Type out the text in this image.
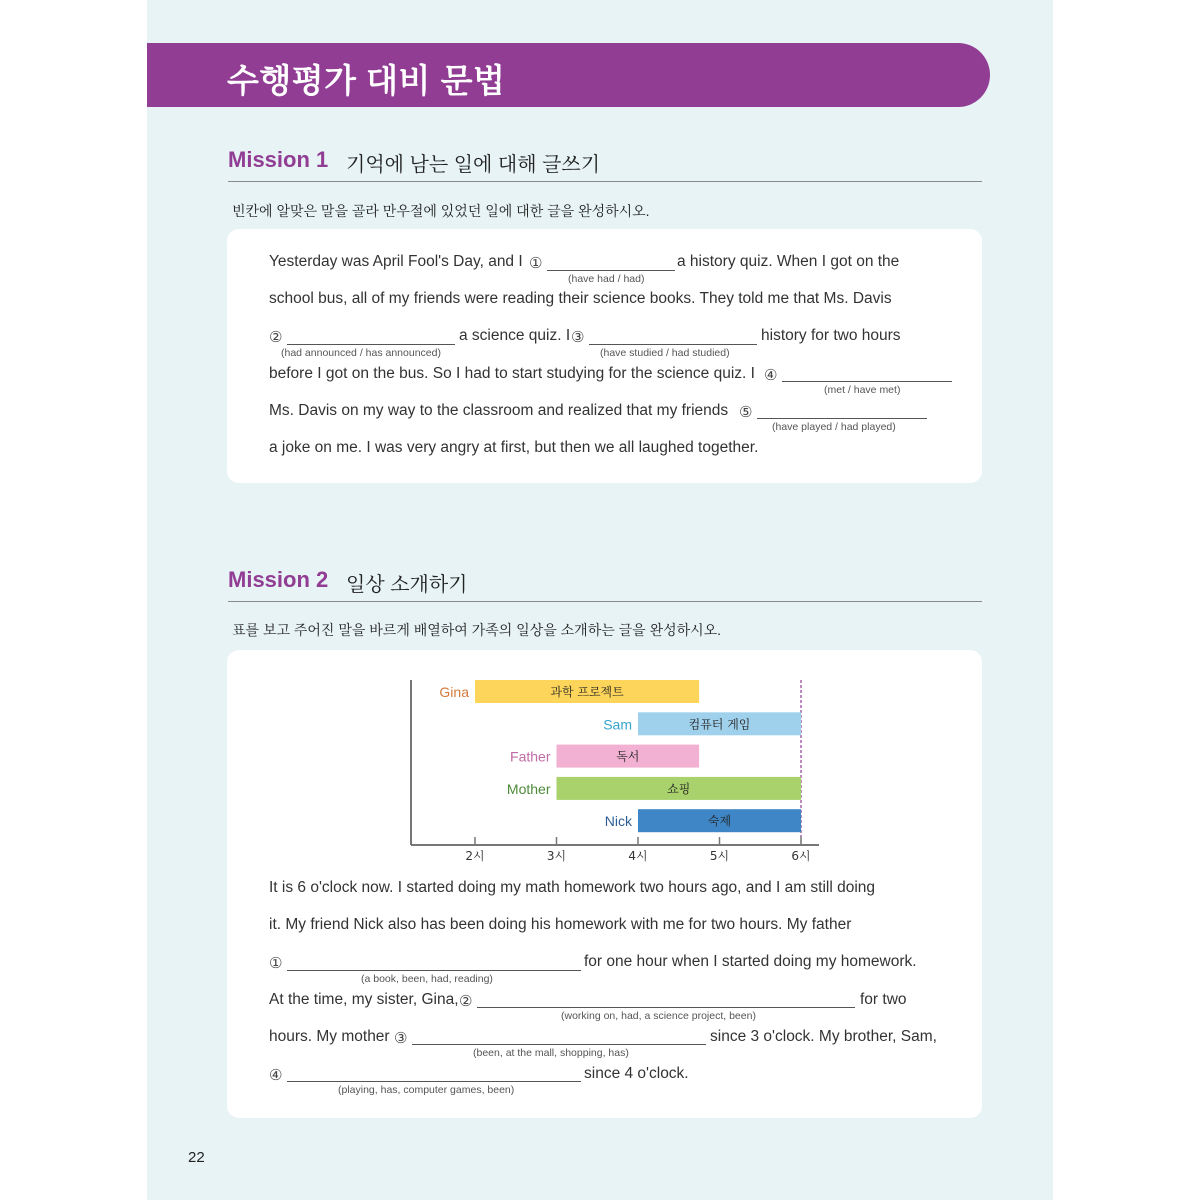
수행평가 대비 문법
Mission 1 기억에 남는 일에 대해 글쓰기
빈칸에 알맞은 말을 골라 만우절에 있었던 일에 대한 글을 완성하시오.
Yesterday was April Fool's Day, and I ①
(have had / had)
a history quiz. When I got on the
school bus, all of my friends were reading their science books. They told me that Ms. Davis
②
(had announced / has announced)
a science quiz. I ③
(have studied / had studied)
history for two hours
before I got on the bus. So I had to start studying for the science quiz. I ④
(met / have met)
Ms. Davis on my way to the classroom and realized that my friends ⑤
(have played / had played)
a joke on me. I was very angry at first, but then we all laughed together.
Mission 2 일상 소개하기
표를 보고 주어진 말을 바르게 배열하여 가족의 일상을 소개하는 글을 완성하시오.
과학 프로젝트
Gina
컴퓨터 게임
Sam
독서
Father
쇼핑
Mother
숙제
Nick
2시	3시	4시	5시	6시
It is 6 o'clock now. I started doing my math homework two hours ago, and I am still doing
it. My friend Nick also has been doing his homework with me for two hours. My father
①
(a book, been, had, reading)
for one hour when I started doing my homework.
At the time, my sister, Gina, ②
(working on, had, a science project, been)
for two
hours. My mother ③
(been, at the mall, shopping, has)
since 3 o'clock. My brother, Sam,
④
(playing, has, computer games, been)
since 4 o'clock.
22
